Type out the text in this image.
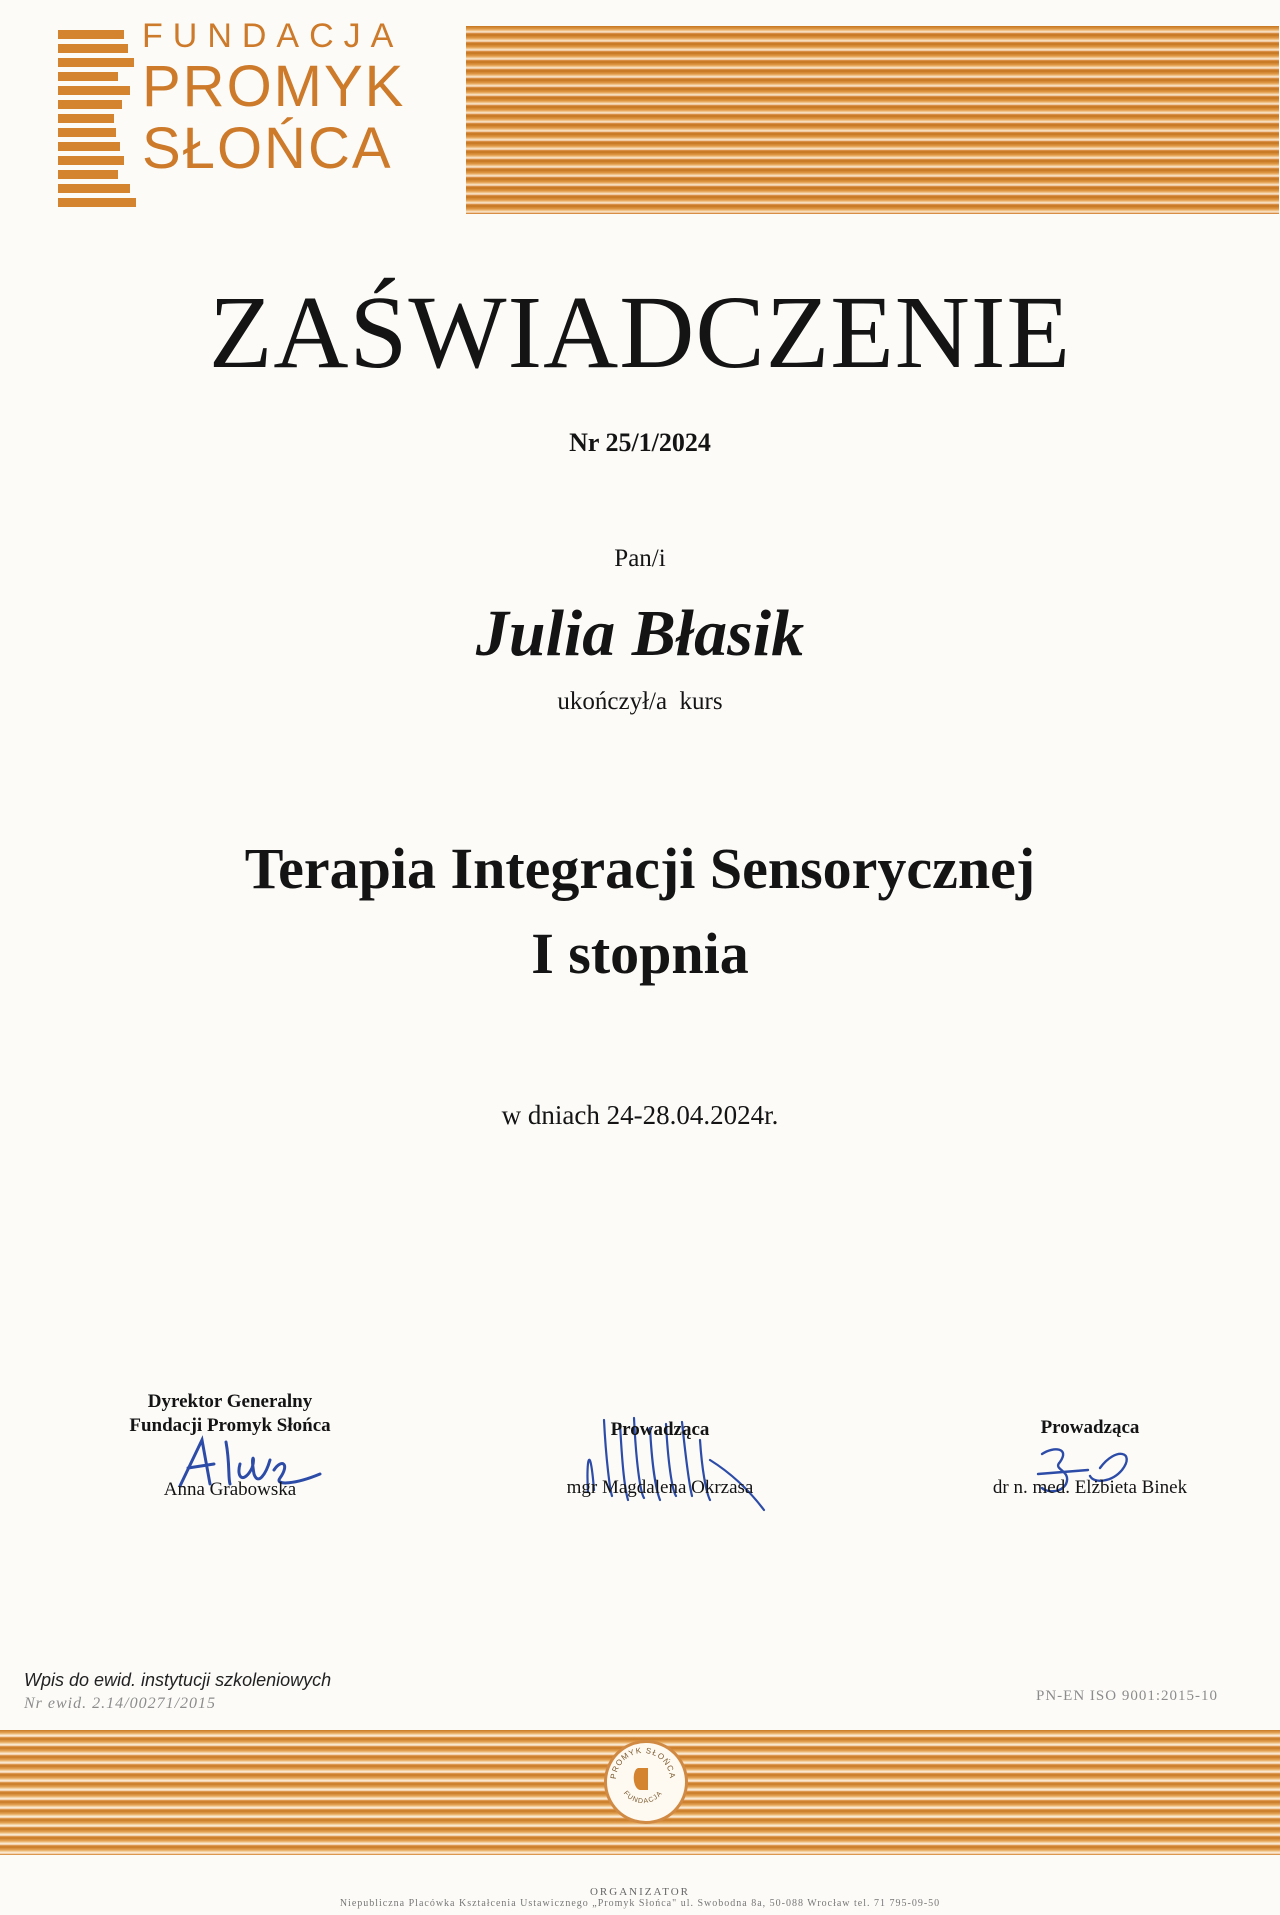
FUNDACJA
PROMYK
SŁOŃCA
ZAŚWIADCZENIE
Nr 25/1/2024
Pan/i
Julia Błasik
ukończył/a  kurs
Terapia Integracji Sensorycznej
I stopnia
w dniach 24-28.04.2024r.
Dyrektor Generalny
Fundacji Promyk Słońca
Anna Grabowska
Prowadząca
mgr Magdalena Okrzasa
Prowadząca
dr n. med. Elżbieta Binek
Wpis do ewid. instytucji szkoleniowych
Nr ewid. 2.14/00271/2015	PN-EN ISO 9001:2015-10
PROMYK SŁOŃCA
FUNDACJA
ORGANIZATOR
Niepubliczna Placówka Kształcenia Ustawicznego „Promyk Słońca" ul. Swobodna 8a, 50-088 Wrocław tel. 71 795-09-50
